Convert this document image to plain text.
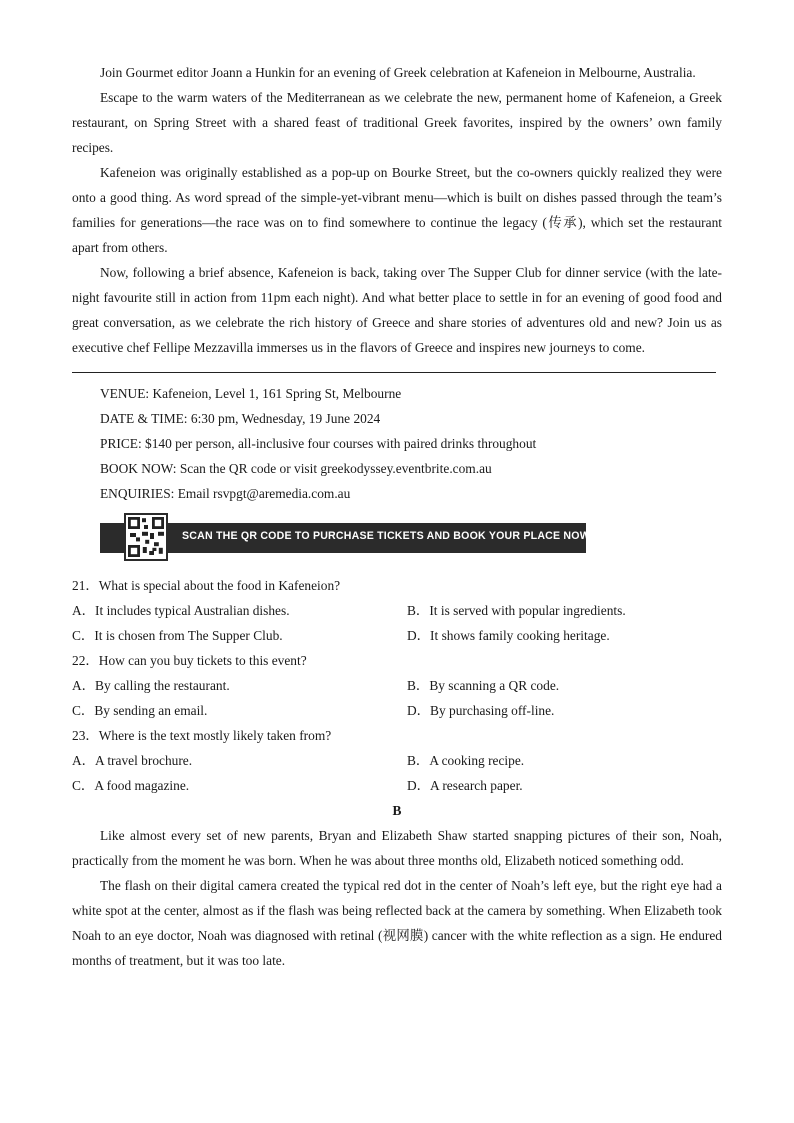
Join Gourmet editor Joann a Hunkin for an evening of Greek celebration at Kafeneion in Melbourne, Australia.

Escape to the warm waters of the Mediterranean as we celebrate the new, permanent home of Kafeneion, a Greek restaurant, on Spring Street with a shared feast of traditional Greek favorites, inspired by the owners’ own family recipes.

Kafeneion was originally established as a pop-up on Bourke Street, but the co-owners quickly realized they were onto a good thing. As word spread of the simple-yet-vibrant menu—which is built on dishes passed through the team’s families for generations—the race was on to find somewhere to continue the legacy (传承), which set the restaurant apart from others.

Now, following a brief absence, Kafeneion is back, taking over The Supper Club for dinner service (with the late-night favourite still in action from 11pm each night). And what better place to settle in for an evening of good food and great conversation, as we celebrate the rich history of Greece and share stories of adventures old and new? Join us as executive chef Fellipe Mezzavilla immerses us in the flavors of Greece and inspires new journeys to come.

VENUE: Kafeneion, Level 1, 161 Spring St, Melbourne

DATE & TIME: 6:30 pm, Wednesday, 19 June 2024

PRICE: $140 per person, all-inclusive four courses with paired drinks throughout

BOOK NOW: Scan the QR code or visit greekodyssey.eventbrite.com.au

ENQUIRIES: Email rsvpgt@aremedia.com.au

SCAN THE QR CODE TO PURCHASE TICKETS AND BOOK YOUR PLACE NOW

21．What is special about the food in Kafeneion?

A．It includes typical Australian dishes.	B．It is served with popular ingredients.

C．It is chosen from The Supper Club.	D．It shows family cooking heritage.

22．How can you buy tickets to this event?

A．By calling the restaurant.	B．By scanning a QR code.

C．By sending an email.	D．By purchasing off-line.

23．Where is the text mostly likely taken from?

A．A travel brochure.	B．A cooking recipe.

C．A food magazine.	D．A research paper.

B

Like almost every set of new parents, Bryan and Elizabeth Shaw started snapping pictures of their son, Noah, practically from the moment he was born. When he was about three months old, Elizabeth noticed something odd.

The flash on their digital camera created the typical red dot in the center of Noah’s left eye, but the right eye had a white spot at the center, almost as if the flash was being reflected back at the camera by something. When Elizabeth took Noah to an eye doctor, Noah was diagnosed with retinal (视网膜) cancer with the white reflection as a sign. He endured months of treatment, but it was too late.
